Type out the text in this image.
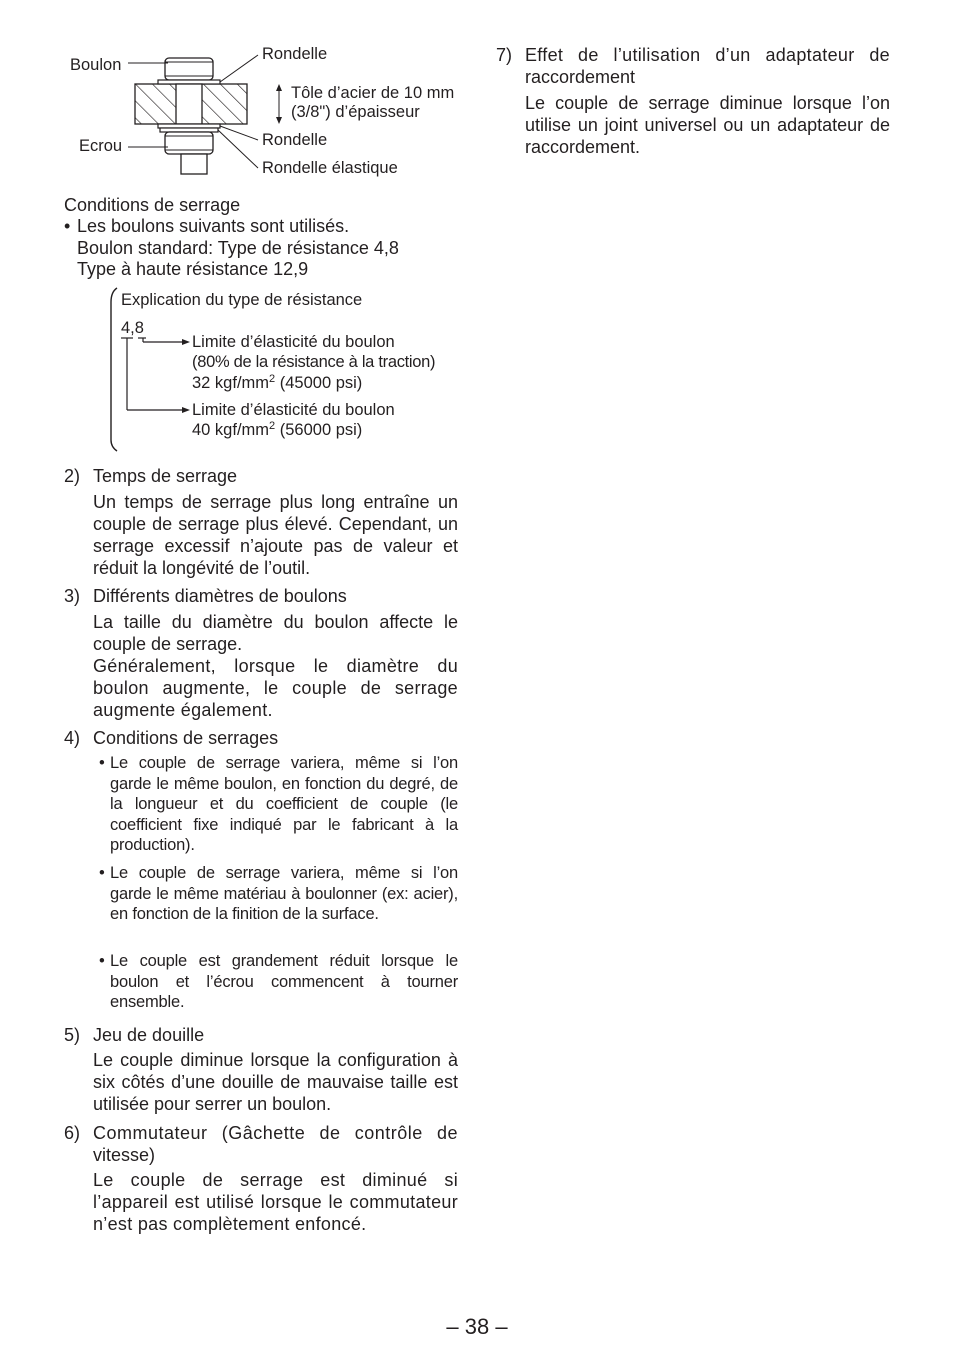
Boulon
Ecrou
Rondelle
Tôle d’acier de 10 mm
(3/8") d’épaisseur
Rondelle
Rondelle élastique
Conditions de serrage
• Les boulons suivants sont utilisés.
Boulon standard: Type de résistance 4,8
Type à haute résistance 12,9
Explication du type de résistance
4,8
Limite d’élasticité du boulon
(80% de la résistance à la traction)
32 kgf/$mm^2$ (45000 psi)
Limite d’élasticité du boulon
40 kgf/$mm^2$ (56000 psi)
2) Temps de serrage
Un temps de serrage plus long entraîne un couple de serrage plus élevé. Cependant, un serrage excessif n’ajoute pas de valeur et réduit la longévité de l’outil.
3) Différents diamètres de boulons
La taille du diamètre du boulon affecte le couple de serrage.
Généralement, lorsque le diamètre du boulon augmente, le couple de serrage augmente également.
4) Conditions de serrages
• Le couple de serrage variera, même si l’on garde le même boulon, en fonction du degré, de la longueur et du coefficient de couple (le coefficient fixe indiqué par le fabricant à la production).
• Le couple de serrage variera, même si l’on garde le même matériau à boulonner (ex: acier), en fonction de la finition de la surface.
• Le couple est grandement réduit lorsque le boulon et l’écrou commencent à tourner ensemble.
5) Jeu de douille
Le couple diminue lorsque la configuration à six côtés d’une douille de mauvaise taille est utilisée pour serrer un boulon.
6) Commutateur (Gâchette de contrôle de
vitesse)
Le couple de serrage est diminué si l’appareil est utilisé lorsque le commutateur n’est pas complètement enfoncé.
7) Effet de l’utilisation d’un adaptateur de
raccordement
Le couple de serrage diminue lorsque l’on utilise un joint universel ou un adaptateur de raccordement.
– 38 –
